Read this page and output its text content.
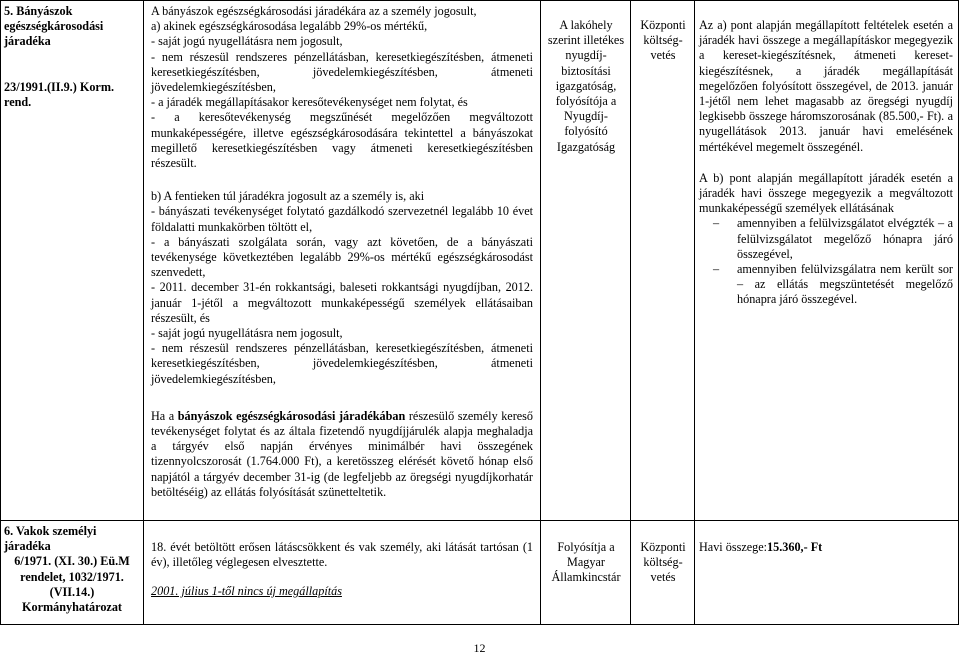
5. Bányászok egészségkárosodási járadéka

23/1991.(II.9.) Korm. rend.

A bányászok egészségkárosodási járadékára az a személy jogosult,

a) akinek egészségkárosodása legalább 29%-os mértékű,

- saját jogú nyugellátásra nem jogosult,

- nem részesül rendszeres pénzellátásban, keresetkiegészítésben, átmeneti keresetkiegészítésben, jövedelemkiegészítésben, átmeneti jövedelemkiegészítésben,

- a járadék megállapításakor keresőtevékenységet nem folytat, és

- a keresőtevékenység megszűnését megelőzően megváltozott munkaképességére, illetve egészségkárosodására tekintettel a bányászokat megillető keresetkiegészítésben vagy átmeneti keresetkiegészítésben részesült.

b) A fentieken túl járadékra jogosult az a személy is, aki

- bányászati tevékenységet folytató gazdálkodó szervezetnél legalább 10 évet földalatti munkakörben töltött el,

- a bányászati szolgálata során, vagy azt követően, de a bányászati tevékenysége következtében legalább 29%-os mértékű egészségkárosodást szenvedett,

- 2011. december 31-én rokkantsági, baleseti rokkantsági nyugdíjban, 2012. január 1-jétől a megváltozott munkaképességű személyek ellátásaiban részesült, és

- saját jogú nyugellátásra nem jogosult,

- nem részesül rendszeres pénzellátásban, keresetkiegészítésben, átmeneti keresetkiegészítésben, jövedelemkiegészítésben, átmeneti jövedelemkiegészítésben,

Ha a bányászok egészségkárosodási járadékában részesülő személy kereső tevékenységet folytat és az általa fizetendő nyugdíjjárulék alapja meghaladja a tárgyév első napján érvényes minimálbér havi összegének tizennyolcszorosát (1.764.000 Ft), a keretösszeg elérését követő hónap első napjától a tárgyév december 31-ig (de legfeljebb az öregségi nyugdíjkorhatár betöltéséig) az ellátás folyósítását szünetteltetik.

A lakóhely szerint illetékes nyugdíj-biztosítási igazgatóság, folyósítója a Nyugdíj-folyósító Igazgatóság

Központi költség-vetés

Az a) pont alapján megállapított feltételek esetén a járadék havi összege a megállapításkor megegyezik a kereset-kiegészítésnek, átmeneti kereset-kiegészítésnek, a járadék megállapítását megelőzően folyósított összegével, de 2013. január 1-jétől nem lehet magasabb az öregségi nyugdíj legkisebb összege háromszorosának (85.500,- Ft). a nyugellátások 2013. január havi emelésének mértékével megemelt összegénél.

A b) pont alapján megállapított járadék esetén a járadék havi összege megegyezik a megváltozott munkaképességű személyek ellátásának

– amennyiben a felülvizsgálatot elvégzték – a felülvizsgálatot megelőző hónapra járó összegével,
– amennyiben felülvizsgálatra nem került sor – az ellátás megszüntetését megelőző hónapra járó összegével.

6. Vakok személyi járadéka

6/1971. (XI. 30.) Eü.M rendelet, 1032/1971. (VII.14.) Kormányhatározat

18. évét betöltött erősen látáscsökkent és vak személy, aki látását tartósan (1 év), illetőleg véglegesen elvesztette.

2001. július 1-től nincs új megállapítás

Folyósítja a Magyar Államkincstár

Központi költség-vetés

Havi összege:15.360,- Ft

12
